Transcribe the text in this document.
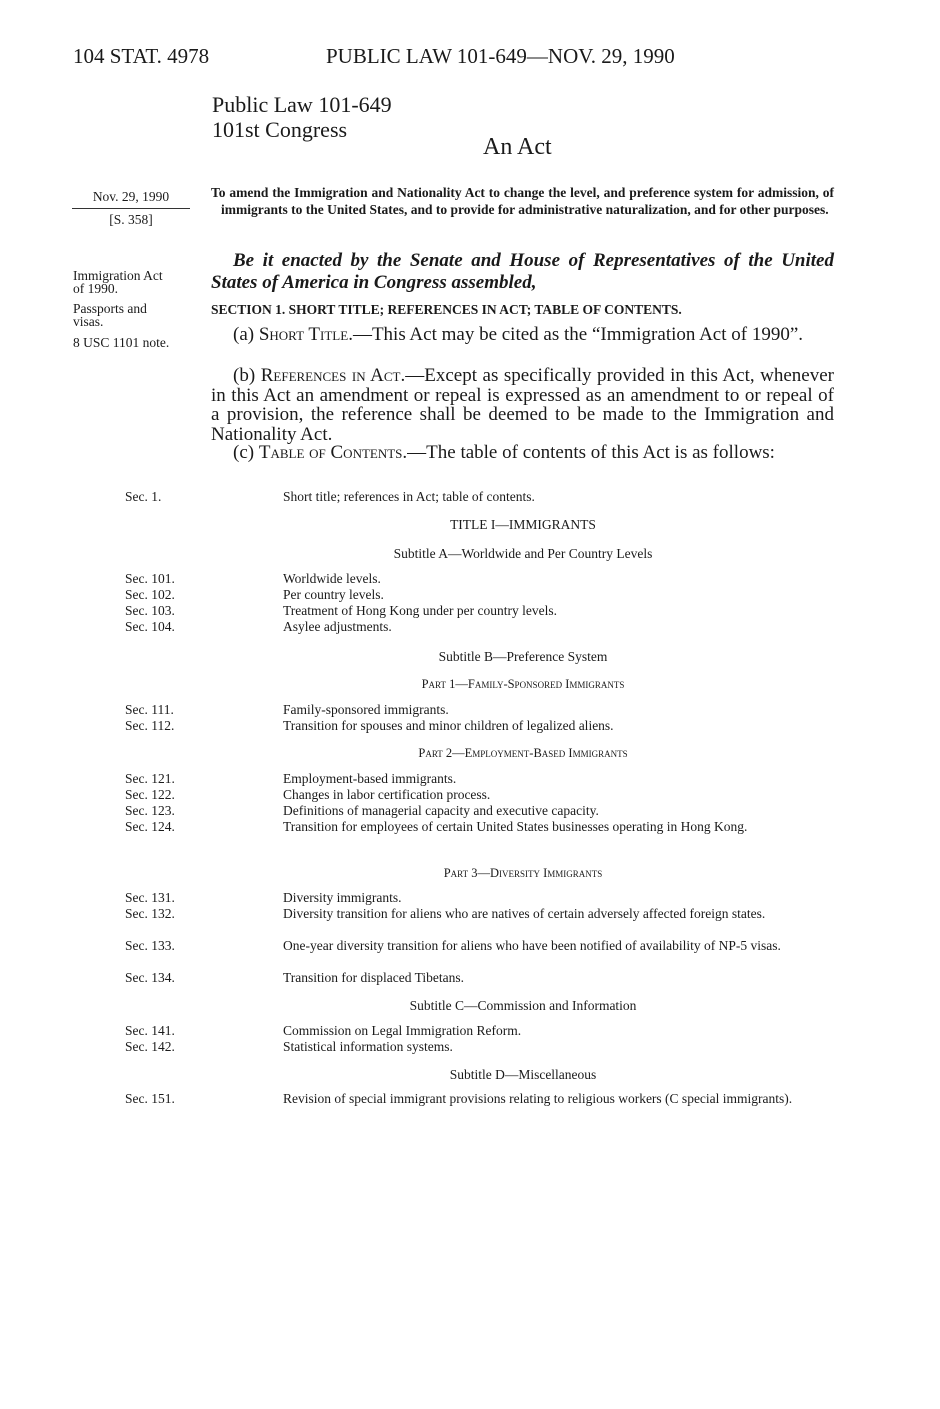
104 STAT. 4978	PUBLIC LAW 101-649—NOV. 29, 1990
Public Law 101-649
101st Congress
An Act
Nov. 29, 1990
[S. 358]
Immigration Act
of 1990.
Passports and
visas.
8 USC 1101 note.
To amend the Immigration and Nationality Act to change the level, and preference system for admission, of immigrants to the United States, and to provide for administrative naturalization, and for other purposes.
Be it enacted by the Senate and House of Representatives of the United States of America in Congress assembled,
SECTION 1. SHORT TITLE; REFERENCES IN ACT; TABLE OF CONTENTS.
(a) Short Title.—This Act may be cited as the “Immigration Act of 1990”.
(b) References in Act.—Except as specifically provided in this Act, whenever in this Act an amendment or repeal is expressed as an amendment to or repeal of a provision, the reference shall be deemed to be made to the Immigration and Nationality Act.
(c) Table of Contents.—The table of contents of this Act is as follows:
Sec. 1.	Short title; references in Act; table of contents.
TITLE I—IMMIGRANTS
Subtitle A—Worldwide and Per Country Levels
Sec. 101.	Worldwide levels.
Sec. 102.	Per country levels.
Sec. 103.	Treatment of Hong Kong under per country levels.
Sec. 104.	Asylee adjustments.
Subtitle B—Preference System
Part 1—Family-Sponsored Immigrants
Sec. 111.	Family-sponsored immigrants.
Sec. 112.	Transition for spouses and minor children of legalized aliens.
Part 2—Employment-Based Immigrants
Sec. 121.	Employment-based immigrants.
Sec. 122.	Changes in labor certification process.
Sec. 123.	Definitions of managerial capacity and executive capacity.
Sec. 124.	Transition for employees of certain United States businesses operating in Hong Kong.
Part 3—Diversity Immigrants
Sec. 131.	Diversity immigrants.
Sec. 132.	Diversity transition for aliens who are natives of certain adversely affected foreign states.
Sec. 133.	One-year diversity transition for aliens who have been notified of availability of NP-5 visas.
Sec. 134.	Transition for displaced Tibetans.
Subtitle C—Commission and Information
Sec. 141.	Commission on Legal Immigration Reform.
Sec. 142.	Statistical information systems.
Subtitle D—Miscellaneous
Sec. 151.	Revision of special immigrant provisions relating to religious workers (C special immigrants).
